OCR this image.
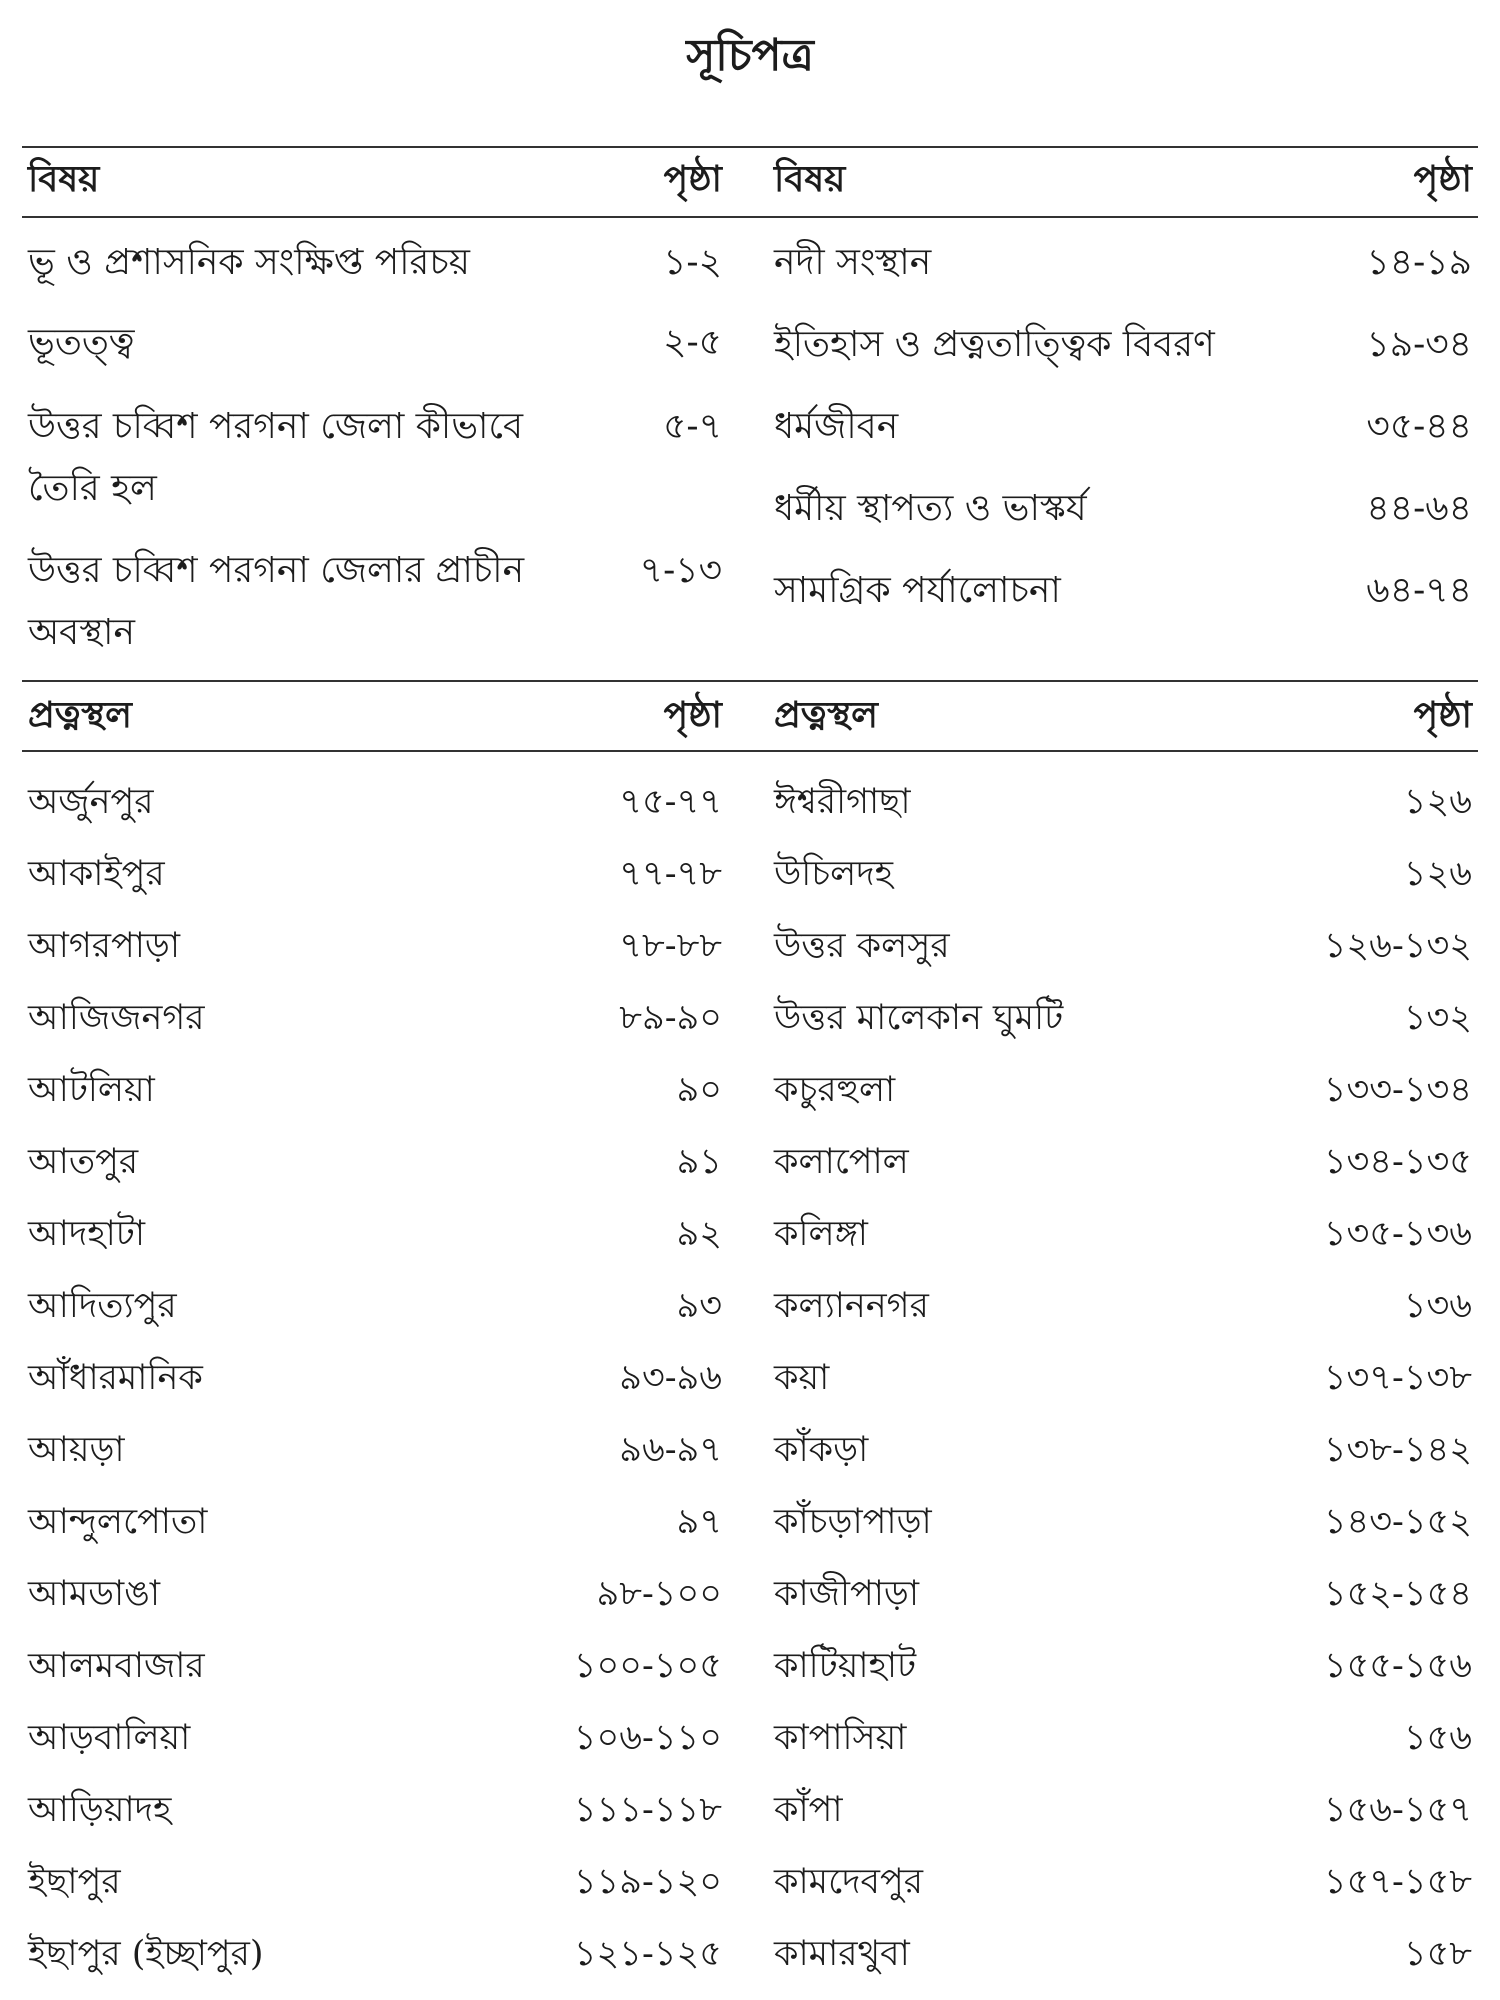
সূচিপত্র
বিষয়	পৃষ্ঠা বিষয়	পৃষ্ঠা
ভূ ও প্রশাসনিক সংক্ষিপ্ত পরিচয়	১-২
ভূতত্ত্ব	২-৫
উত্তর চব্বিশ পরগনা জেলা কীভাবে তৈরি হল
৫-৭
উত্তর চব্বিশ পরগনা জেলার প্রাচীন অবস্থান
৭-১৩
নদী সংস্থান	১৪-১৯
ইতিহাস ও প্রত্নতাত্ত্বিক বিবরণ	১৯-৩৪
ধর্মজীবন	৩৫-৪৪
ধর্মীয় স্থাপত্য ও ভাস্কর্য	৪৪-৬৪
সামগ্রিক পর্যালোচনা	৬৪-৭৪
প্রত্নস্থল	পৃষ্ঠা প্রত্নস্থল	পৃষ্ঠা
অর্জুনপুর	৭৫-৭৭
আকাইপুর	৭৭-৭৮
আগরপাড়া	৭৮-৮৮
আজিজনগর	৮৯-৯০
আটলিয়া	৯০
আতপুর	৯১
আদহাটা	৯২
আদিত্যপুর	৯৩
আঁধারমানিক	৯৩-৯৬
আয়ড়া	৯৬-৯৭
আন্দুলপোতা	৯৭
আমডাঙা	৯৮-১০০
আলমবাজার	১০০-১০৫
আড়বালিয়া	১০৬-১১০
আড়িয়াদহ	১১১-১১৮
ইছাপুর	১১৯-১২০
ইছাপুর (ইচ্ছাপুর)	১২১-১২৫
ঈশ্বরীগাছা	১২৬
উচিলদহ	১২৬
উত্তর কলসুর	১২৬-১৩২
উত্তর মালেকান ঘুমটি	১৩২
কচুরহুলা	১৩৩-১৩৪
কলাপোল	১৩৪-১৩৫
কলিঙ্গা	১৩৫-১৩৬
কল্যাননগর	১৩৬
কয়া	১৩৭-১৩৮
কাঁকড়া	১৩৮-১৪২
কাঁচড়াপাড়া	১৪৩-১৫২
কাজীপাড়া	১৫২-১৫৪
কাটিয়াহাট	১৫৫-১৫৬
কাপাসিয়া	১৫৬
কাঁপা	১৫৬-১৫৭
কামদেবপুর	১৫৭-১৫৮
কামারথুবা	১৫৮
